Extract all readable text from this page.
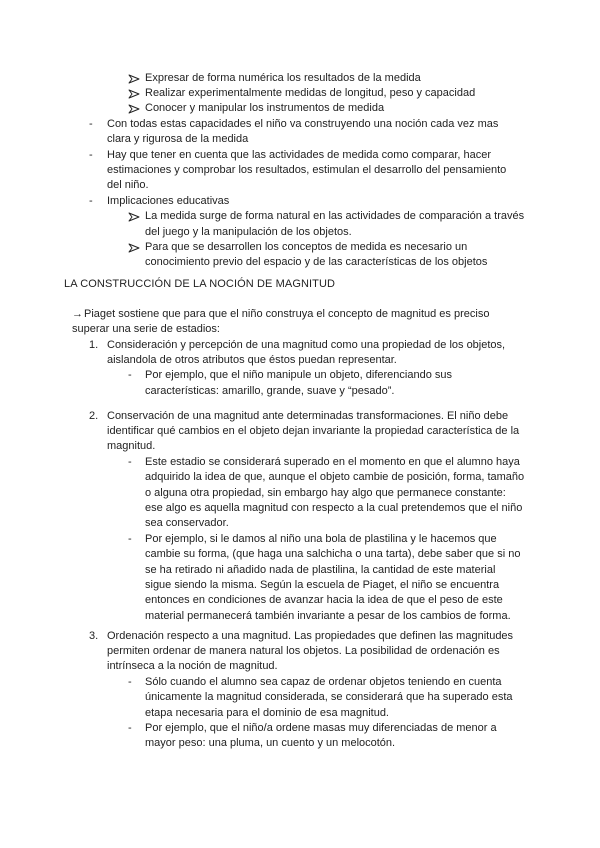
Expresar de forma numérica los resultados de la medida
Realizar experimentalmente medidas de longitud, peso y capacidad
Conocer y manipular los instrumentos de medida
- Con todas estas capacidades el niño va construyendo una noción cada vez mas
clara y rigurosa de la medida
- Hay que tener en cuenta que las actividades de medida como comparar, hacer
estimaciones y comprobar los resultados, estimulan el desarrollo del pensamiento
del niño.
- Implicaciones educativas
La medida surge de forma natural en las actividades de comparación a través
del juego y la manipulación de los objetos.
Para que se desarrollen los conceptos de medida es necesario un
conocimiento previo del espacio y de las características de los objetos
LA CONSTRUCCIÓN DE LA NOCIÓN DE MAGNITUD
→ Piaget sostiene que para que el niño construya el concepto de magnitud es preciso
superar una serie de estadios:
1. Consideración y percepción de una magnitud como una propiedad de los objetos,
aislandola de otros atributos que éstos puedan representar.
- Por ejemplo, que el niño manipule un objeto, diferenciando sus
características: amarillo, grande, suave y “pesado”.
2. Conservación de una magnitud ante determinadas transformaciones. El niño debe
identificar qué cambios en el objeto dejan invariante la propiedad característica de la
magnitud.
- Este estadio se considerará superado en el momento en que el alumno haya
adquirido la idea de que, aunque el objeto cambie de posición, forma, tamaño
o alguna otra propiedad, sin embargo hay algo que permanece constante:
ese algo es aquella magnitud con respecto a la cual pretendemos que el niño
sea conservador.
- Por ejemplo, si le damos al niño una bola de plastilina y le hacemos que
cambie su forma, (que haga una salchicha o una tarta), debe saber que si no
se ha retirado ni añadido nada de plastilina, la cantidad de este material
sigue siendo la misma. Según la escuela de Piaget, el niño se encuentra
entonces en condiciones de avanzar hacia la idea de que el peso de este
material permanecerá también invariante a pesar de los cambios de forma.
3. Ordenación respecto a una magnitud. Las propiedades que definen las magnitudes
permiten ordenar de manera natural los objetos. La posibilidad de ordenación es
intrínseca a la noción de magnitud.
- Sólo cuando el alumno sea capaz de ordenar objetos teniendo en cuenta
únicamente la magnitud considerada, se considerará que ha superado esta
etapa necesaria para el dominio de esa magnitud.
- Por ejemplo, que el niño/a ordene masas muy diferenciadas de menor a
mayor peso: una pluma, un cuento y un melocotón.
